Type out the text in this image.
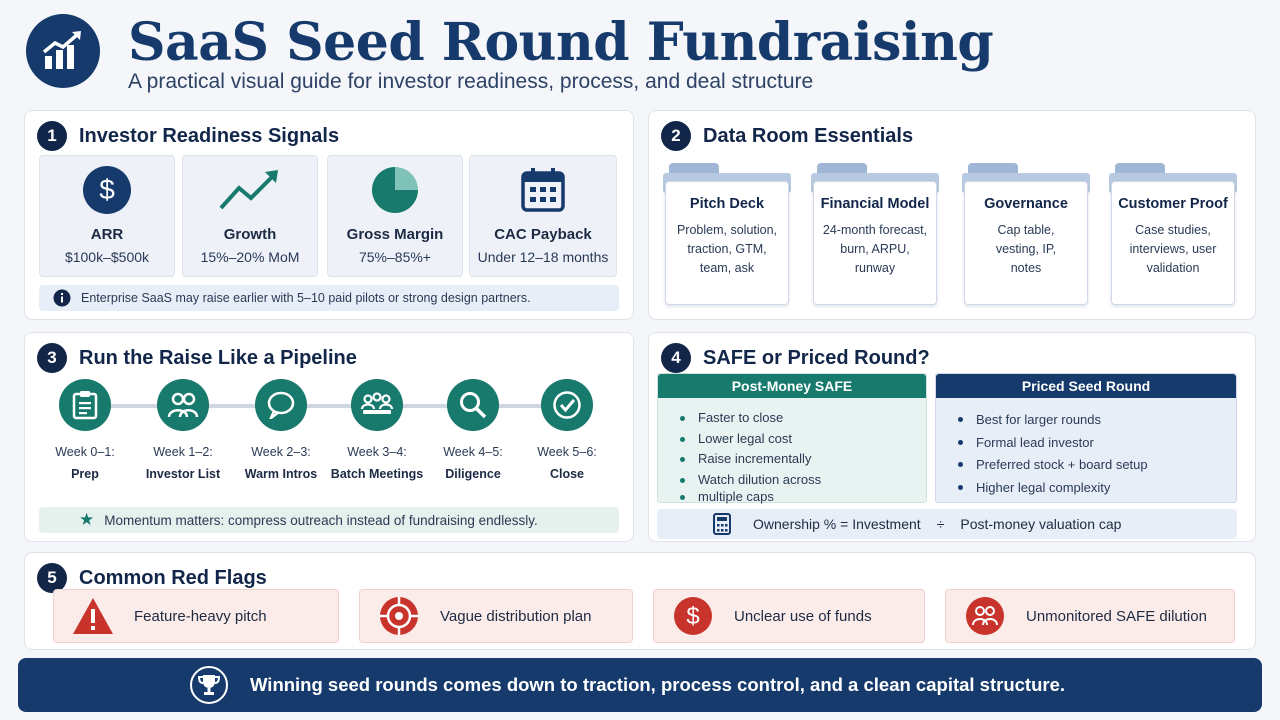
SaaS Seed Round Fundraising
A practical visual guide for investor readiness, process, and deal structure
1	Investor Readiness Signals
$
ARR
$100k–$500k
Growth
15%–20% MoM
Gross Margin
75%–85%+
CAC Payback
Under 12–18 months
Enterprise SaaS may raise earlier with 5–10 paid pilots or strong design partners.
2	Data Room Essentials
Pitch Deck
Problem, solution,
traction, GTM,
team, ask
Financial Model
24-month forecast,
burn, ARPU,
runway
Governance
Cap table,
vesting, IP,
notes
Customer Proof
Case studies,
interviews, user
validation
3	Run the Raise Like a Pipeline
Week 0–1:
Prep
Week 1–2:
Investor List
Week 2–3:
Warm Intros
Week 3–4:
Batch Meetings
Week 4–5:
Diligence
Week 5–6:
Close
★ Momentum matters: compress outreach instead of fundraising endlessly.
4	SAFE or Priced Round?
Post-Money SAFE
Faster to close
Lower legal cost
Raise incrementally
Watch dilution across
multiple caps
Priced Seed Round
Best for larger rounds
Formal lead investor
Preferred stock + board setup
Higher legal complexity
Ownership % = Investment ÷ Post-money valuation cap
5	Common Red Flags
Feature-heavy pitch	Vague distribution plan	$ Unclear use of funds	Unmonitored SAFE dilution
Winning seed rounds comes down to traction, process control, and a clean capital structure.
